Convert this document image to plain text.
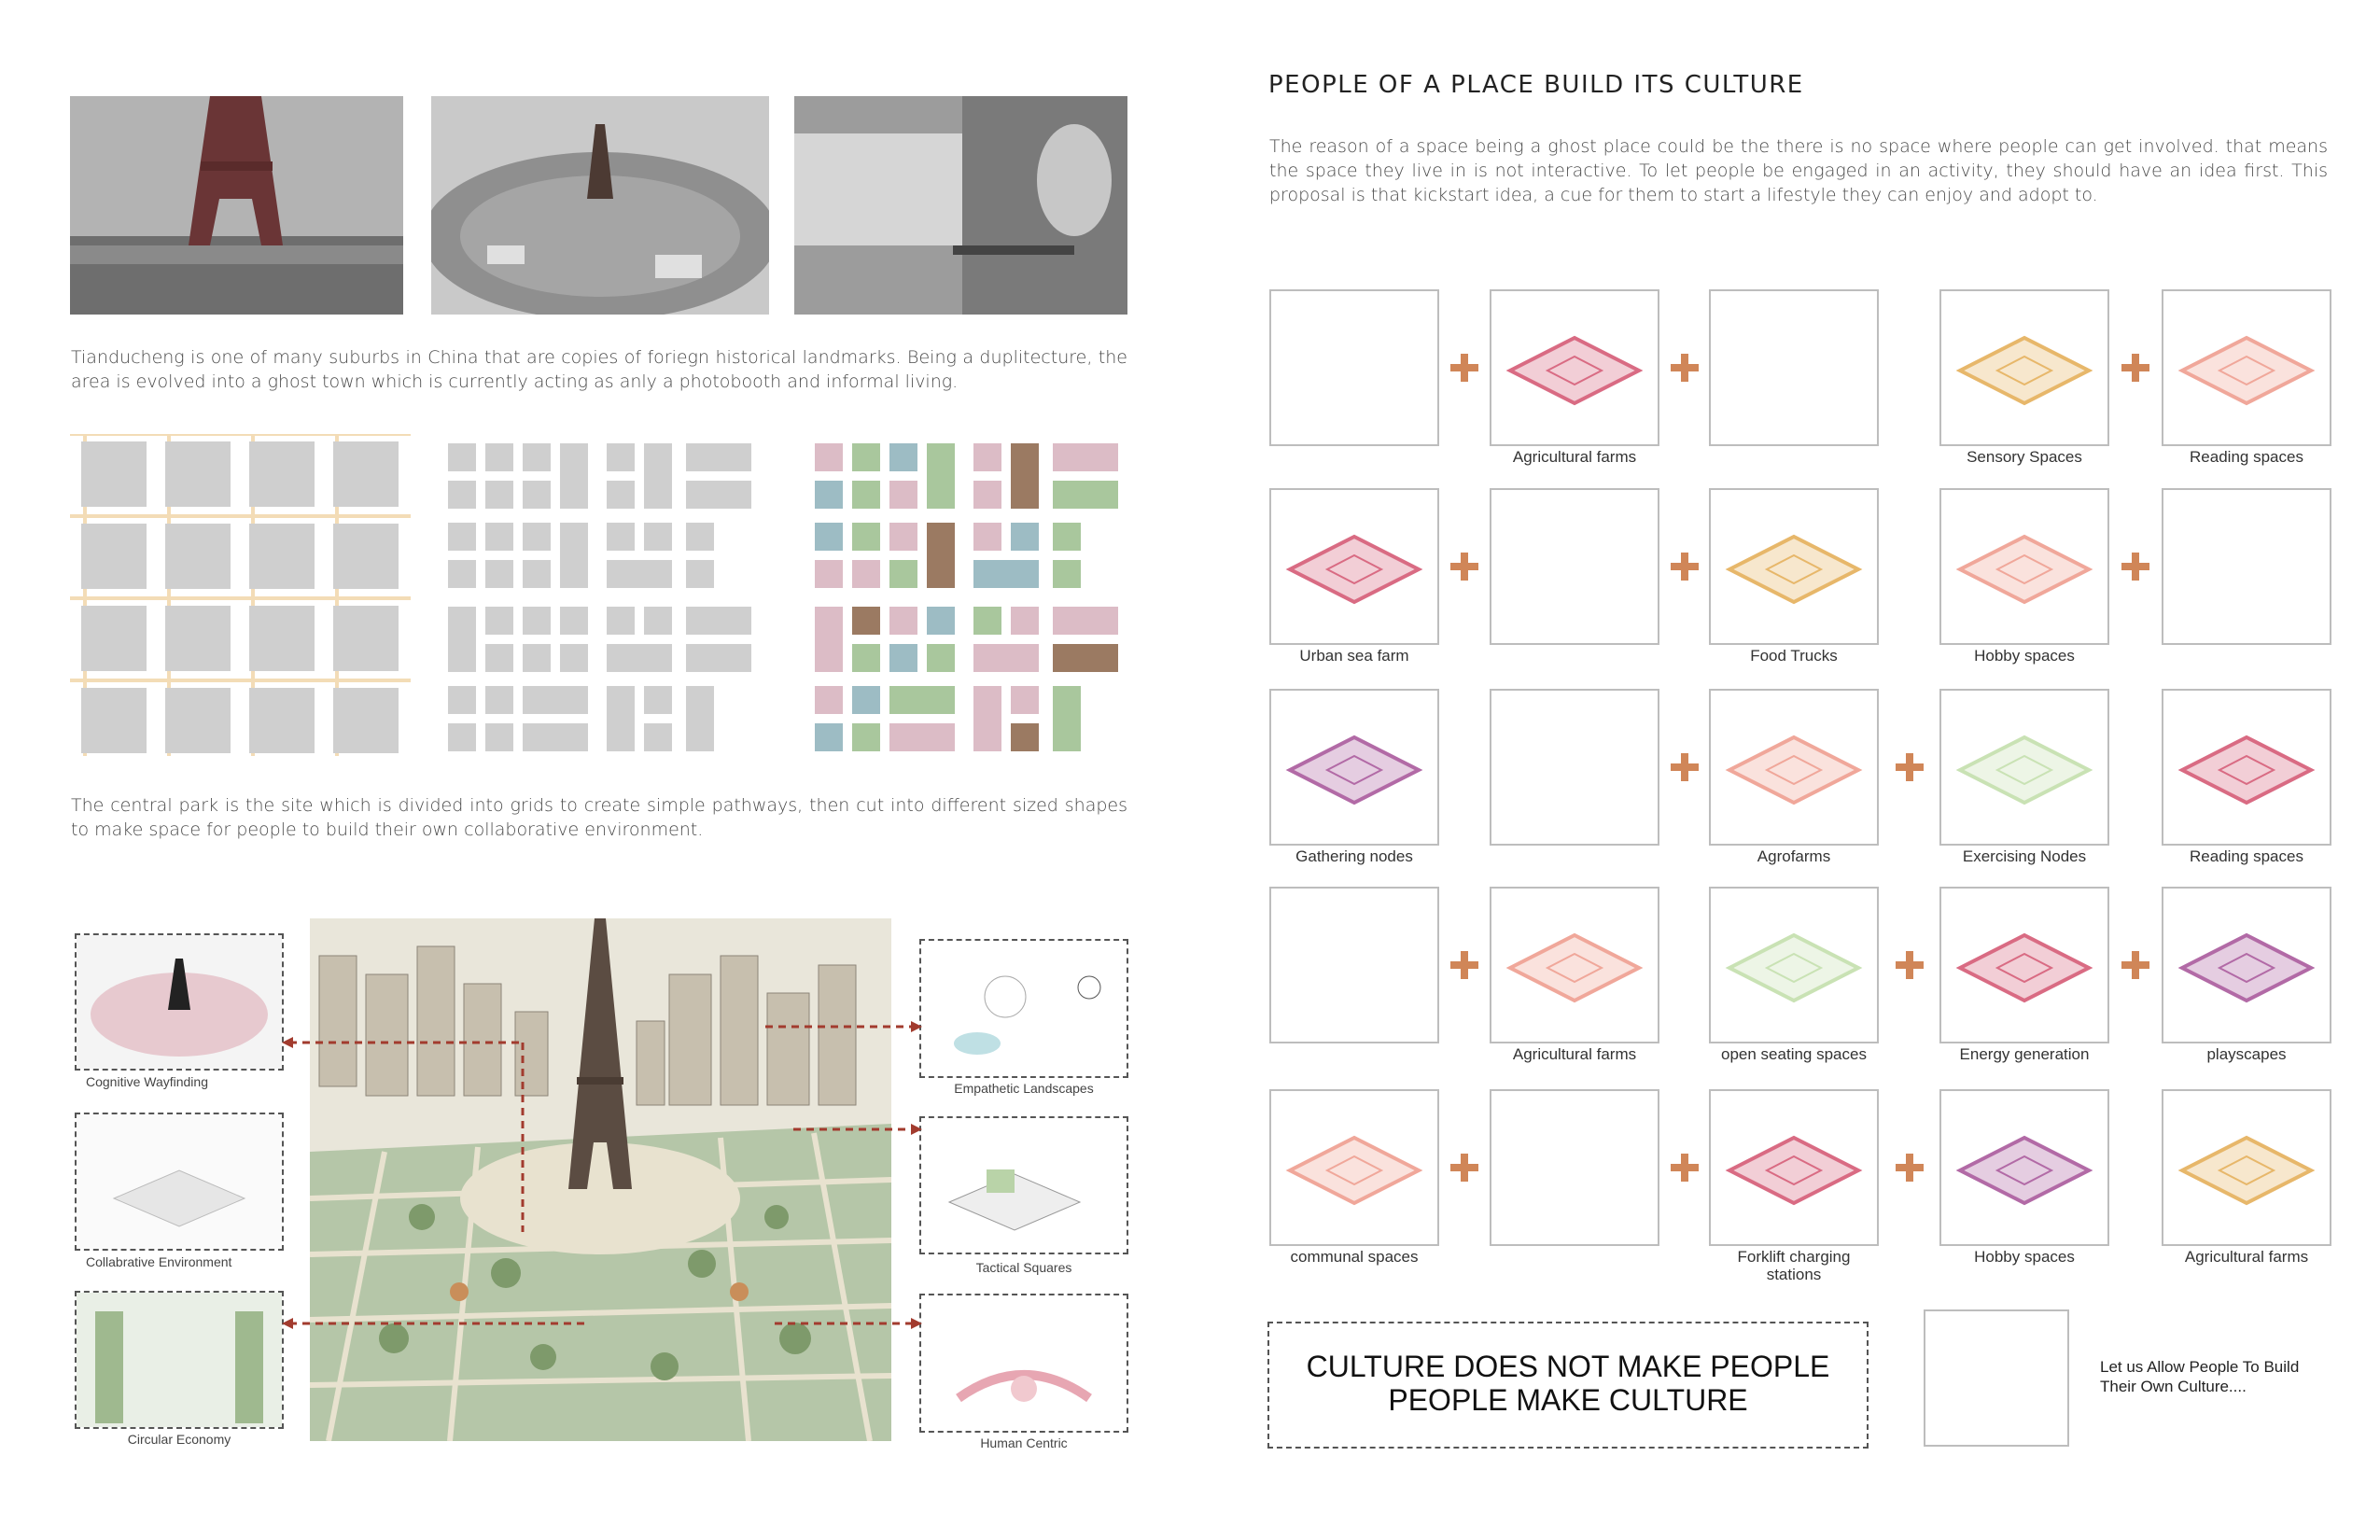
Tianducheng is one of many suburbs in China that are copies of foriegn historical landmarks. Being a duplitecture, the area is evolved into a ghost town which is currently acting as anly a photobooth and informal living.
The central park is the site which is divided into grids to create simple pathways, then cut into different sized shapes to make space for people to build their own collaborative environment.
Cognitive Wayfinding
Collabrative Environment
Circular Economy
Empathetic Landscapes
Tactical Squares
Human Centric
PEOPLE OF A PLACE BUILD ITS CULTURE
The reason of a space being a ghost place could be the there is no space where people can get involved. that means the space they live in is not interactive. To let people be engaged in an activity, they should have an idea first. This proposal is that kickstart idea, a cue for them to start a lifestyle they can enjoy and adopt to.
Agricultural farms	Sensory Spaces	Reading spaces
Urban sea farm	Food Trucks	Hobby spaces
Gathering nodes	Agrofarms	Exercising Nodes	Reading spaces
Agricultural farms	open seating spaces	Energy generation	playscapes
communal spaces	Forklift charging stations
Hobby spaces	Agricultural farms
CULTURE DOES NOT MAKE PEOPLE
PEOPLE MAKE CULTURE
Let us Allow People To Build Their Own Culture....
